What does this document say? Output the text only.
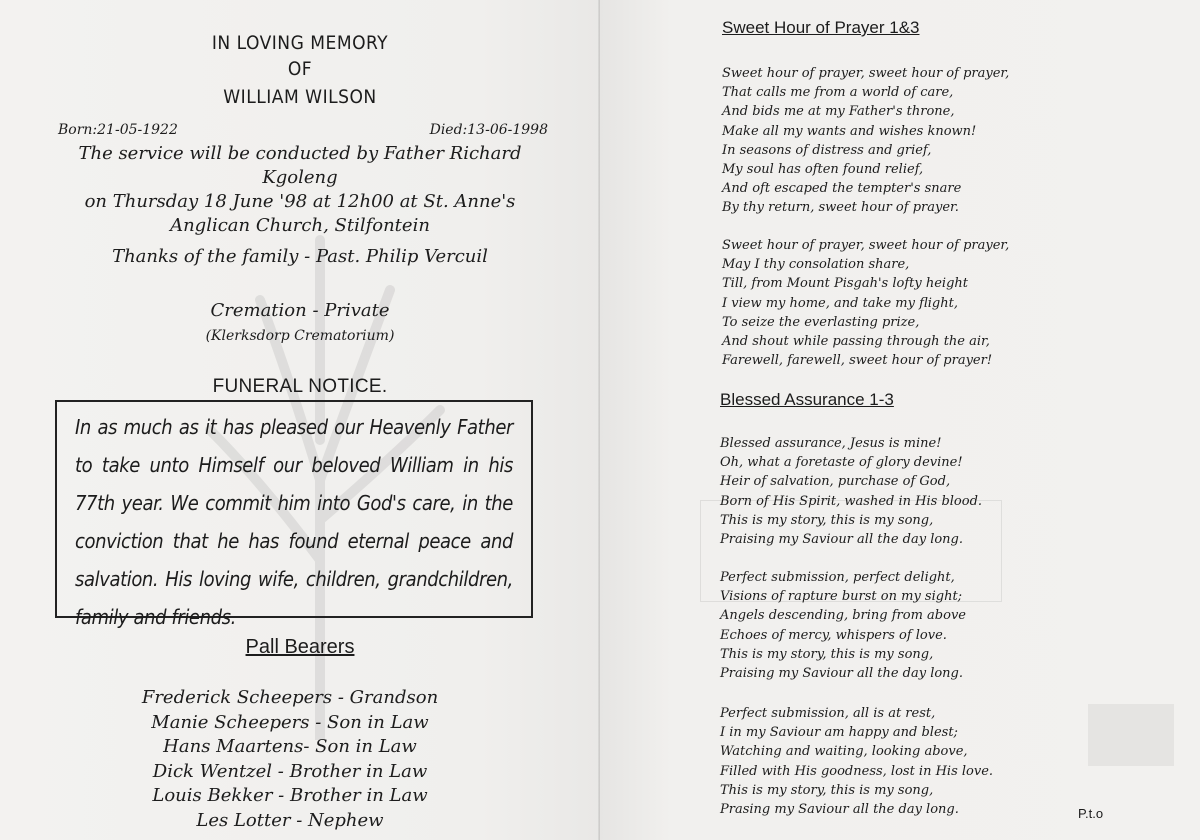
IN LOVING MEMORY
OF
WILLIAM WILSON
Born:21-05-1922	Died:13-06-1998
The service will be conducted by Father Richard Kgoleng
on Thursday 18 June '98 at 12h00 at St. Anne's
Anglican Church, Stilfontein
Thanks of the family - Past. Philip Vercuil
Cremation - Private
(Klerksdorp Crematorium)
FUNERAL NOTICE.
In as much as it has pleased our Heavenly Father to take unto Himself our beloved William in his 77th year. We commit him into God's care, in the conviction that he has found eternal peace and salvation. His loving wife, children, grandchildren, family and friends.
Pall Bearers
Frederick Scheepers - Grandson
Manie Scheepers - Son in Law
Hans Maartens- Son in Law
Dick Wentzel - Brother in Law
Louis Bekker - Brother in Law
Les Lotter - Nephew
Sweet Hour of Prayer 1&3
Sweet hour of prayer, sweet hour of prayer,
That calls me from a world of care,
And bids me at my Father's throne,
Make all my wants and wishes known!
In seasons of distress and grief,
My soul has often found relief,
And oft escaped the tempter's snare
By thy return, sweet hour of prayer.
Sweet hour of prayer, sweet hour of prayer,
May I thy consolation share,
Till, from Mount Pisgah's lofty height
I view my home, and take my flight,
To seize the everlasting prize,
And shout while passing through the air,
Farewell, farewell, sweet hour of prayer!
Blessed Assurance 1-3
Blessed assurance, Jesus is mine!
Oh, what a foretaste of glory devine!
Heir of salvation, purchase of God,
Born of His Spirit, washed in His blood.
This is my story, this is my song,
Praising my Saviour all the day long.
Perfect submission, perfect delight,
Visions of rapture burst on my sight;
Angels descending, bring from above
Echoes of mercy, whispers of love.
This is my story, this is my song,
Praising my Saviour all the day long.
Perfect submission, all is at rest,
I in my Saviour am happy and blest;
Watching and waiting, looking above,
Filled with His goodness, lost in His love.
This is my story, this is my song,
Prasing my Saviour all the day long.	P.t.o
